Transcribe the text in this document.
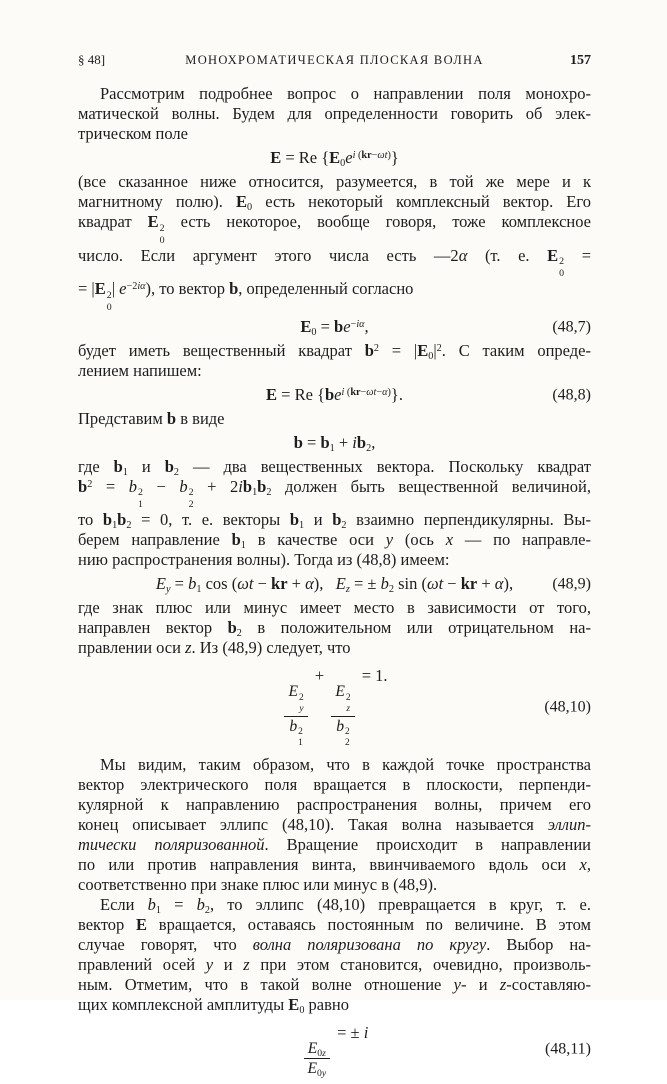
§ 48]	МОНОХРОМАТИЧЕСКАЯ ПЛОСКАЯ ВОЛНА	157
Рассмотрим подробнее вопрос о направлении поля монохро-
матической волны. Будем для определенности говорить об элек-
трическом поле
E = Re $\{E_0e^{i (kr-\omega t)}\}$
(все сказанное ниже относится, разумеется, в той же мере и к
магнитному полю). $E_0$ есть некоторый комплексный вектор. Его
квадрат E 2
0
есть некоторое, вообще говоря, тоже комплексное
число. Если аргумент этого числа есть —2α (т. е. E 2
0
=
= |E 2
0
| $e^{-2i\alpha}$), то вектор b, определенный согласно
$E_0 = be^{-i\alpha}$,	(48,7)
будет иметь вещественный квадрат $b^2 = |E_0|^2$. С таким опреде-
лением напишем:
E = Re $\{be^{i (kr-\omega t-\alpha)}\}$.	(48,8)
Представим b в виде
$b = b_1 + ib_2$,
где $b_1$ и $b_2$ — два вещественных вектора. Поскольку квадрат
$b^2 = b$ 2
1
− b 2
2
+ $2ib_1b_2$ должен быть вещественной величиной,
то $b_1b_2 = 0$, т. е. векторы $b_1$ и $b_2$ взаимно перпендикулярны. Вы-
берем направление $b_1$ в качестве оси y (ось x — по направле-
нию распространения волны). Тогда из (48,8) имеем:
$E_y = b_1$ cos (ωt − kr + α),  $E_z$ = ± $b_2$ sin (ωt − kr + α), (48,9)
где знак плюс или минус имеет место в зависимости от того,
направлен вектор $b_2$ в положительном или отрицательном на-
правлении оси z. Из (48,9) следует, что
E 2
y
b 2
1
+
E 2
z
b 2
2
= 1.
(48,10)
Мы видим, таким образом, что в каждой точке пространства
вектор электрического поля вращается в плоскости, перпенди-
кулярной к направлению распространения волны, причем его
конец описывает эллипс (48,10). Такая волна называется эллип-
тически поляризованной. Вращение происходит в направлении
по или против направления винта, ввинчиваемого вдоль оси x,
соответственно при знаке плюс или минус в (48,9).
Если $b_1 = b_2$, то эллипс (48,10) превращается в круг, т. е.
вектор E вращается, оставаясь постоянным по величине. В этом
случае говорят, что волна поляризована по кругу. Выбор на-
правлений осей y и z при этом становится, очевидно, произволь-
ным. Отметим, что в такой волне отношение y- и z-составляю-
щих комплексной амплитуды $E_0$ равно
$\frac{E_{0z}}{E_{0y}}$
= ± i
(48,11)
